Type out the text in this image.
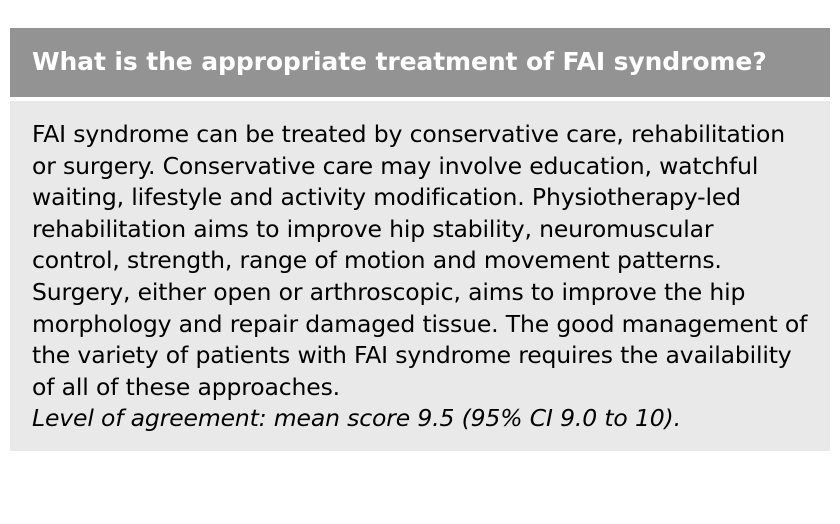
What is the appropriate treatment of FAI syndrome?

FAI syndrome can be treated by conservative care, rehabilitation or surgery. Conservative care may involve education, watchful waiting, lifestyle and activity modification. Physiotherapy-led rehabilitation aims to improve hip stability, neuromuscular control, strength, range of motion and movement patterns. Surgery, either open or arthroscopic, aims to improve the hip morphology and repair damaged tissue. The good management of the variety of patients with FAI syndrome requires the availability of all of these approaches.

Level of agreement: mean score 9.5 (95% CI 9.0 to 10).
